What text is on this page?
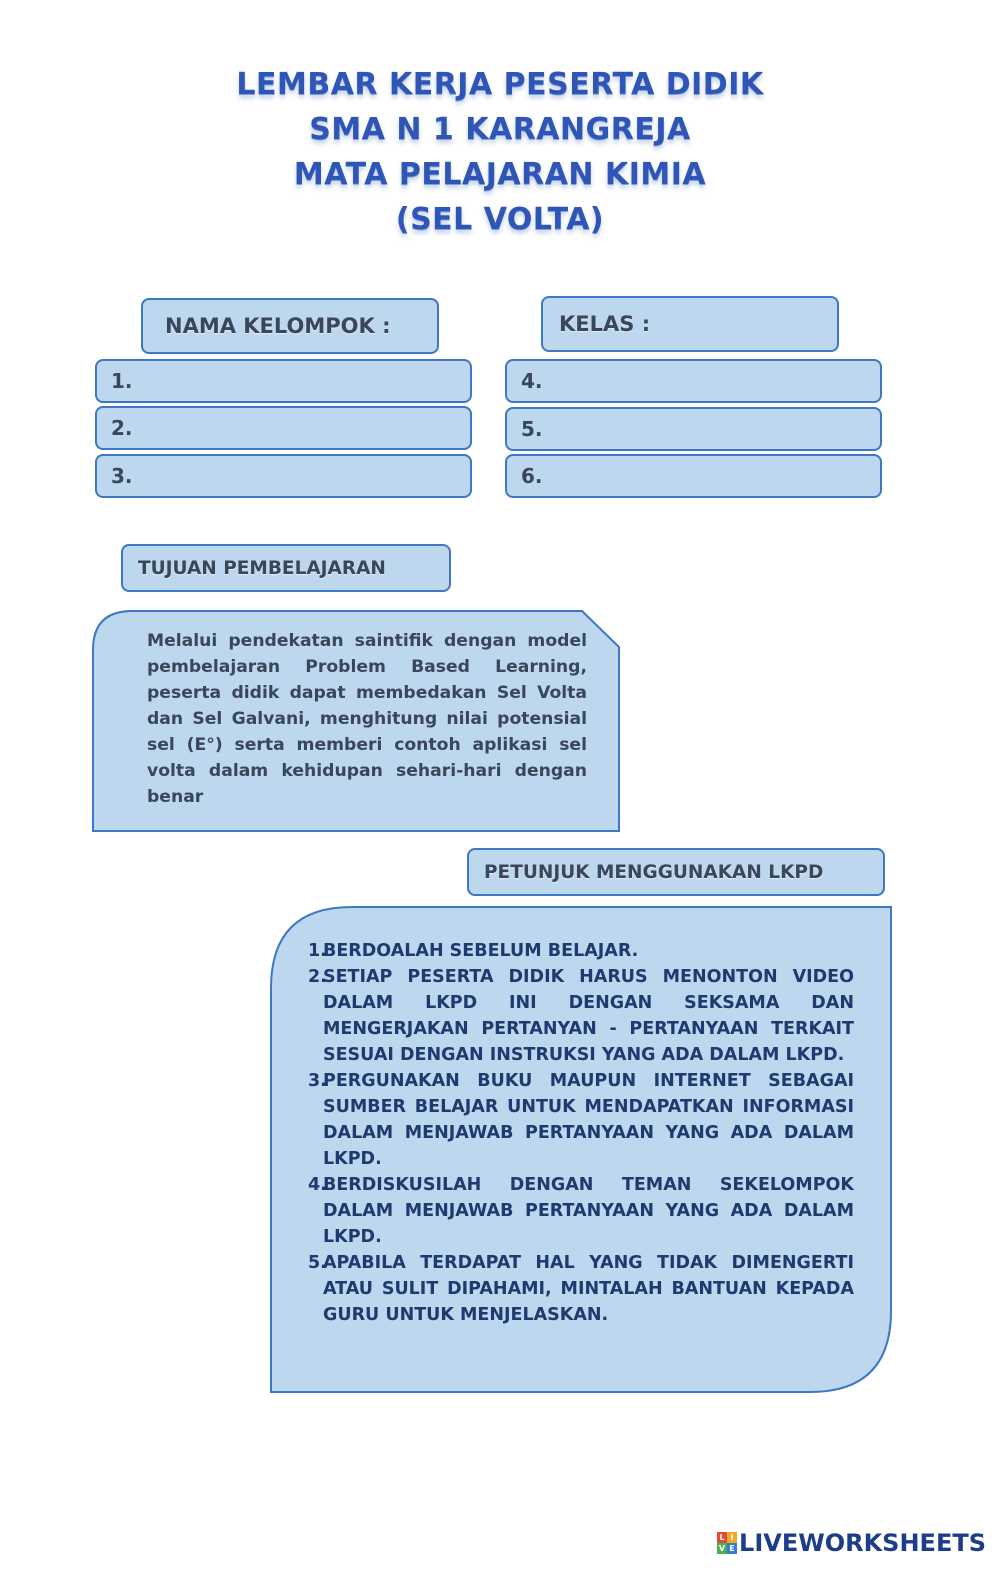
LEMBAR KERJA PESERTA DIDIK
SMA N 1 KARANGREJA
MATA PELAJARAN KIMIA
(SEL VOLTA)
NAMA KELOMPOK :	KELAS :
1.
2.
3.
4.
5.
6.
TUJUAN PEMBELAJARAN
Melalui pendekatan saintifik dengan model pembelajaran Problem Based Learning, peserta didik dapat membedakan Sel Volta dan Sel Galvani, menghitung nilai potensial sel (E°) serta memberi contoh aplikasi sel volta dalam kehidupan sehari-hari dengan benar
PETUNJUK MENGGUNAKAN LKPD
1.
BERDOALAH SEBELUM BELAJAR.
2.
SETIAP PESERTA DIDIK HARUS MENONTON VIDEO DALAM LKPD INI DENGAN SEKSAMA DAN MENGERJAKAN PERTANYAN - PERTANYAAN TERKAIT SESUAI DENGAN INSTRUKSI YANG ADA DALAM LKPD.
3.
PERGUNAKAN BUKU MAUPUN INTERNET SEBAGAI SUMBER BELAJAR UNTUK MENDAPATKAN INFORMASI DALAM MENJAWAB PERTANYAAN YANG ADA DALAM LKPD.
4.
BERDISKUSILAH DENGAN TEMAN SEKELOMPOK DALAM MENJAWAB PERTANYAAN YANG ADA DALAM LKPD.
5.
APABILA TERDAPAT HAL YANG TIDAK DIMENGERTI ATAU SULIT DIPAHAMI, MINTALAH BANTUAN KEPADA GURU UNTUK MENJELASKAN.
L I
V E LIVEWORKSHEETS
